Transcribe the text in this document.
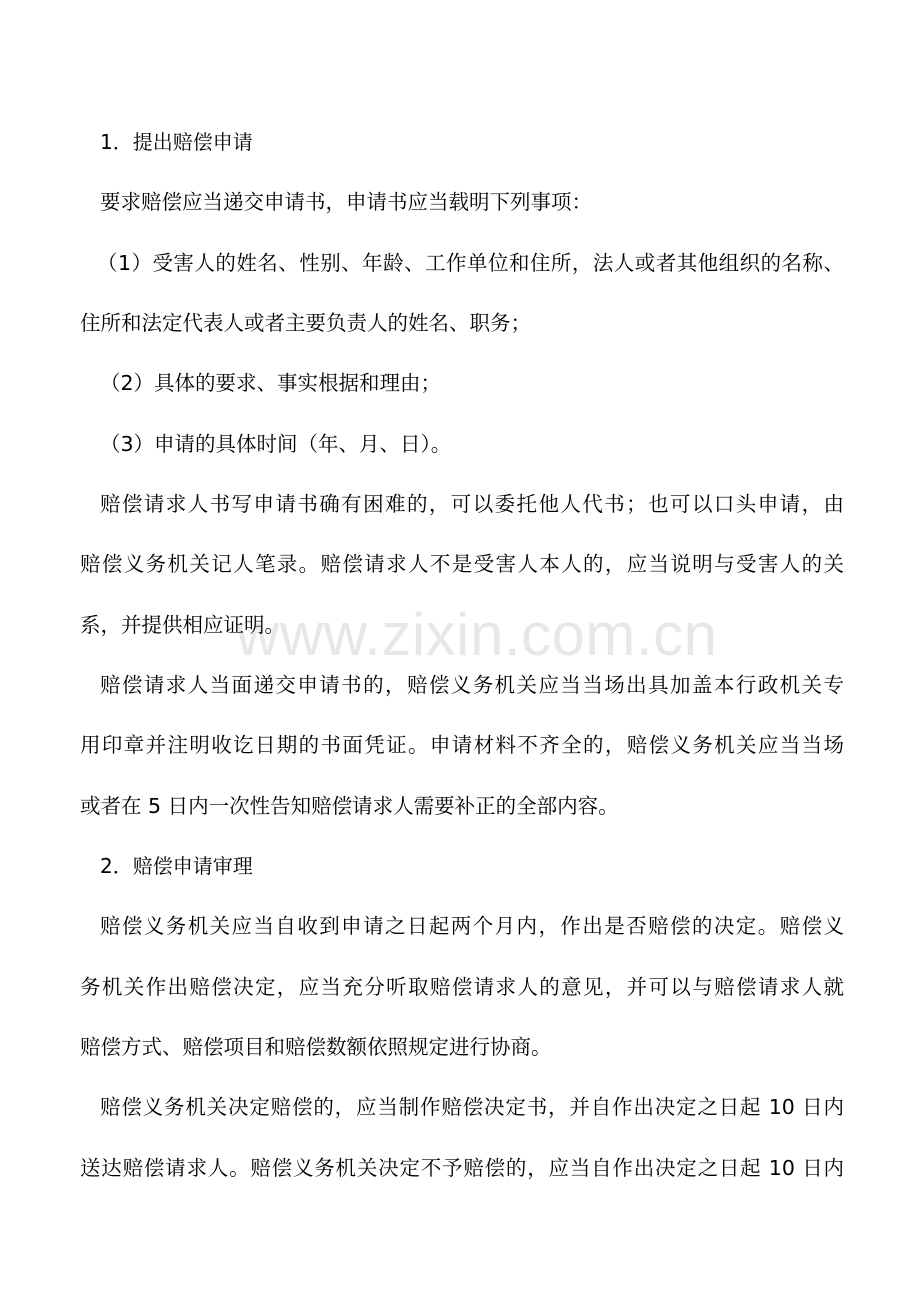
1．提出赔偿申请
要求赔偿应当递交申请书，申请书应当载明下列事项：
（1）受害人的姓名、性别、年龄、工作单位和住所，法人或者其他组织的名称、
住所和法定代表人或者主要负责人的姓名、职务；
（2）具体的要求、事实根据和理由；
（3）申请的具体时间（年、月、日）。
赔偿请求人书写申请书确有困难的，可以委托他人代书；也可以口头申请，由
赔偿义务机关记人笔录。赔偿请求人不是受害人本人的，应当说明与受害人的关
系，并提供相应证明。
赔偿请求人当面递交申请书的，赔偿义务机关应当当场出具加盖本行政机关专
用印章并注明收讫日期的书面凭证。申请材料不齐全的，赔偿义务机关应当当场
或者在 5 日内一次性告知赔偿请求人需要补正的全部内容。
2．赔偿申请审理
赔偿义务机关应当自收到申请之日起两个月内，作出是否赔偿的决定。赔偿义
务机关作出赔偿决定，应当充分听取赔偿请求人的意见，并可以与赔偿请求人就
赔偿方式、赔偿项目和赔偿数额依照规定进行协商。
赔偿义务机关决定赔偿的，应当制作赔偿决定书，并自作出决定之日起 10 日内
送达赔偿请求人。赔偿义务机关决定不予赔偿的，应当自作出决定之日起 10 日内
www.zixin.com.cn
